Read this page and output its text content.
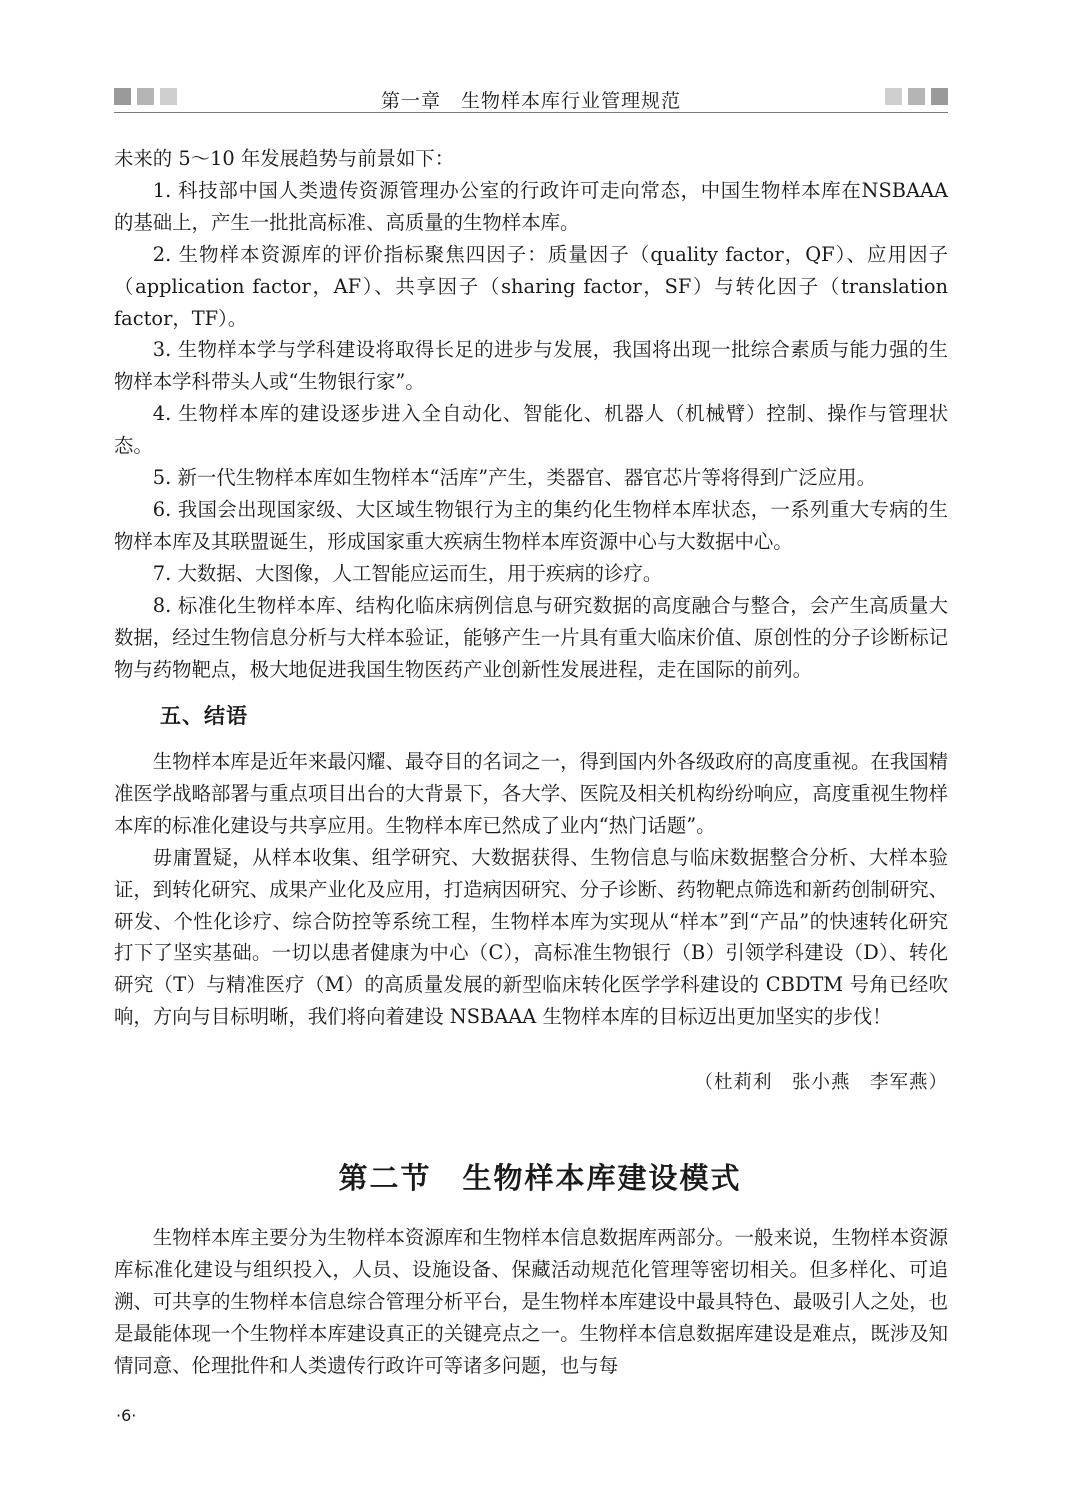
第一章　生物样本库行业管理规范

未来的 5～10 年发展趋势与前景如下：

1. 科技部中国人类遗传资源管理办公室的行政许可走向常态，中国生物样本库在NSBAAA 的基础上，产生一批批高标准、高质量的生物样本库。

2. 生物样本资源库的评价指标聚焦四因子：质量因子（quality factor，QF）、应用因子（application factor，AF）、共享因子（sharing factor，SF）与转化因子（translation factor，TF）。

3. 生物样本学与学科建设将取得长足的进步与发展，我国将出现一批综合素质与能力强的生物样本学科带头人或“生物银行家”。

4. 生物样本库的建设逐步进入全自动化、智能化、机器人（机械臂）控制、操作与管理状态。

5. 新一代生物样本库如生物样本“活库”产生，类器官、器官芯片等将得到广泛应用。

6. 我国会出现国家级、大区域生物银行为主的集约化生物样本库状态，一系列重大专病的生物样本库及其联盟诞生，形成国家重大疾病生物样本库资源中心与大数据中心。

7. 大数据、大图像，人工智能应运而生，用于疾病的诊疗。

8. 标准化生物样本库、结构化临床病例信息与研究数据的高度融合与整合，会产生高质量大数据，经过生物信息分析与大样本验证，能够产生一片具有重大临床价值、原创性的分子诊断标记物与药物靶点，极大地促进我国生物医药产业创新性发展进程，走在国际的前列。

五、结语

生物样本库是近年来最闪耀、最夺目的名词之一，得到国内外各级政府的高度重视。在我国精准医学战略部署与重点项目出台的大背景下，各大学、医院及相关机构纷纷响应，高度重视生物样本库的标准化建设与共享应用。生物样本库已然成了业内“热门话题”。

毋庸置疑，从样本收集、组学研究、大数据获得、生物信息与临床数据整合分析、大样本验证，到转化研究、成果产业化及应用，打造病因研究、分子诊断、药物靶点筛选和新药创制研究、研发、个性化诊疗、综合防控等系统工程，生物样本库为实现从“样本”到“产品”的快速转化研究打下了坚实基础。一切以患者健康为中心（C），高标准生物银行（B）引领学科建设（D）、转化研究（T）与精准医疗（M）的高质量发展的新型临床转化医学学科建设的 CBDTM 号角已经吹响，方向与目标明晰，我们将向着建设 NSBAAA 生物样本库的目标迈出更加坚实的步伐！

（杜莉利　张小燕　李军燕）

第二节　生物样本库建设模式

生物样本库主要分为生物样本资源库和生物样本信息数据库两部分。一般来说，生物样本资源库标准化建设与组织投入，人员、设施设备、保藏活动规范化管理等密切相关。但多样化、可追溯、可共享的生物样本信息综合管理分析平台，是生物样本库建设中最具特色、最吸引人之处，也是最能体现一个生物样本库建设真正的关键亮点之一。生物样本信息数据库建设是难点，既涉及知情同意、伦理批件和人类遗传行政许可等诸多问题，也与每

·6·
